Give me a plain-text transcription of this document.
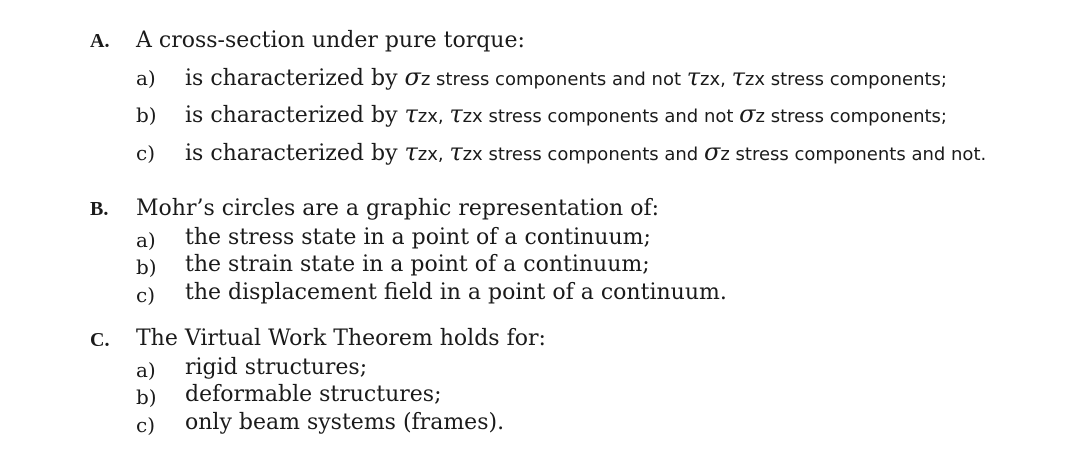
A. A cross-section under pure torque:
a) is characterized by σz stress components and not τzx, τzx stress components;
b) is characterized by τzx, τzx stress components and not σz stress components;
c) is characterized by τzx, τzx stress components and σz stress components and not.
B. Mohr’s circles are a graphic representation of:
a) the stress state in a point of a continuum;
b) the strain state in a point of a continuum;
c) the displacement field in a point of a continuum.
C. The Virtual Work Theorem holds for:
a) rigid structures;
b) deformable structures;
c) only beam systems (frames).
